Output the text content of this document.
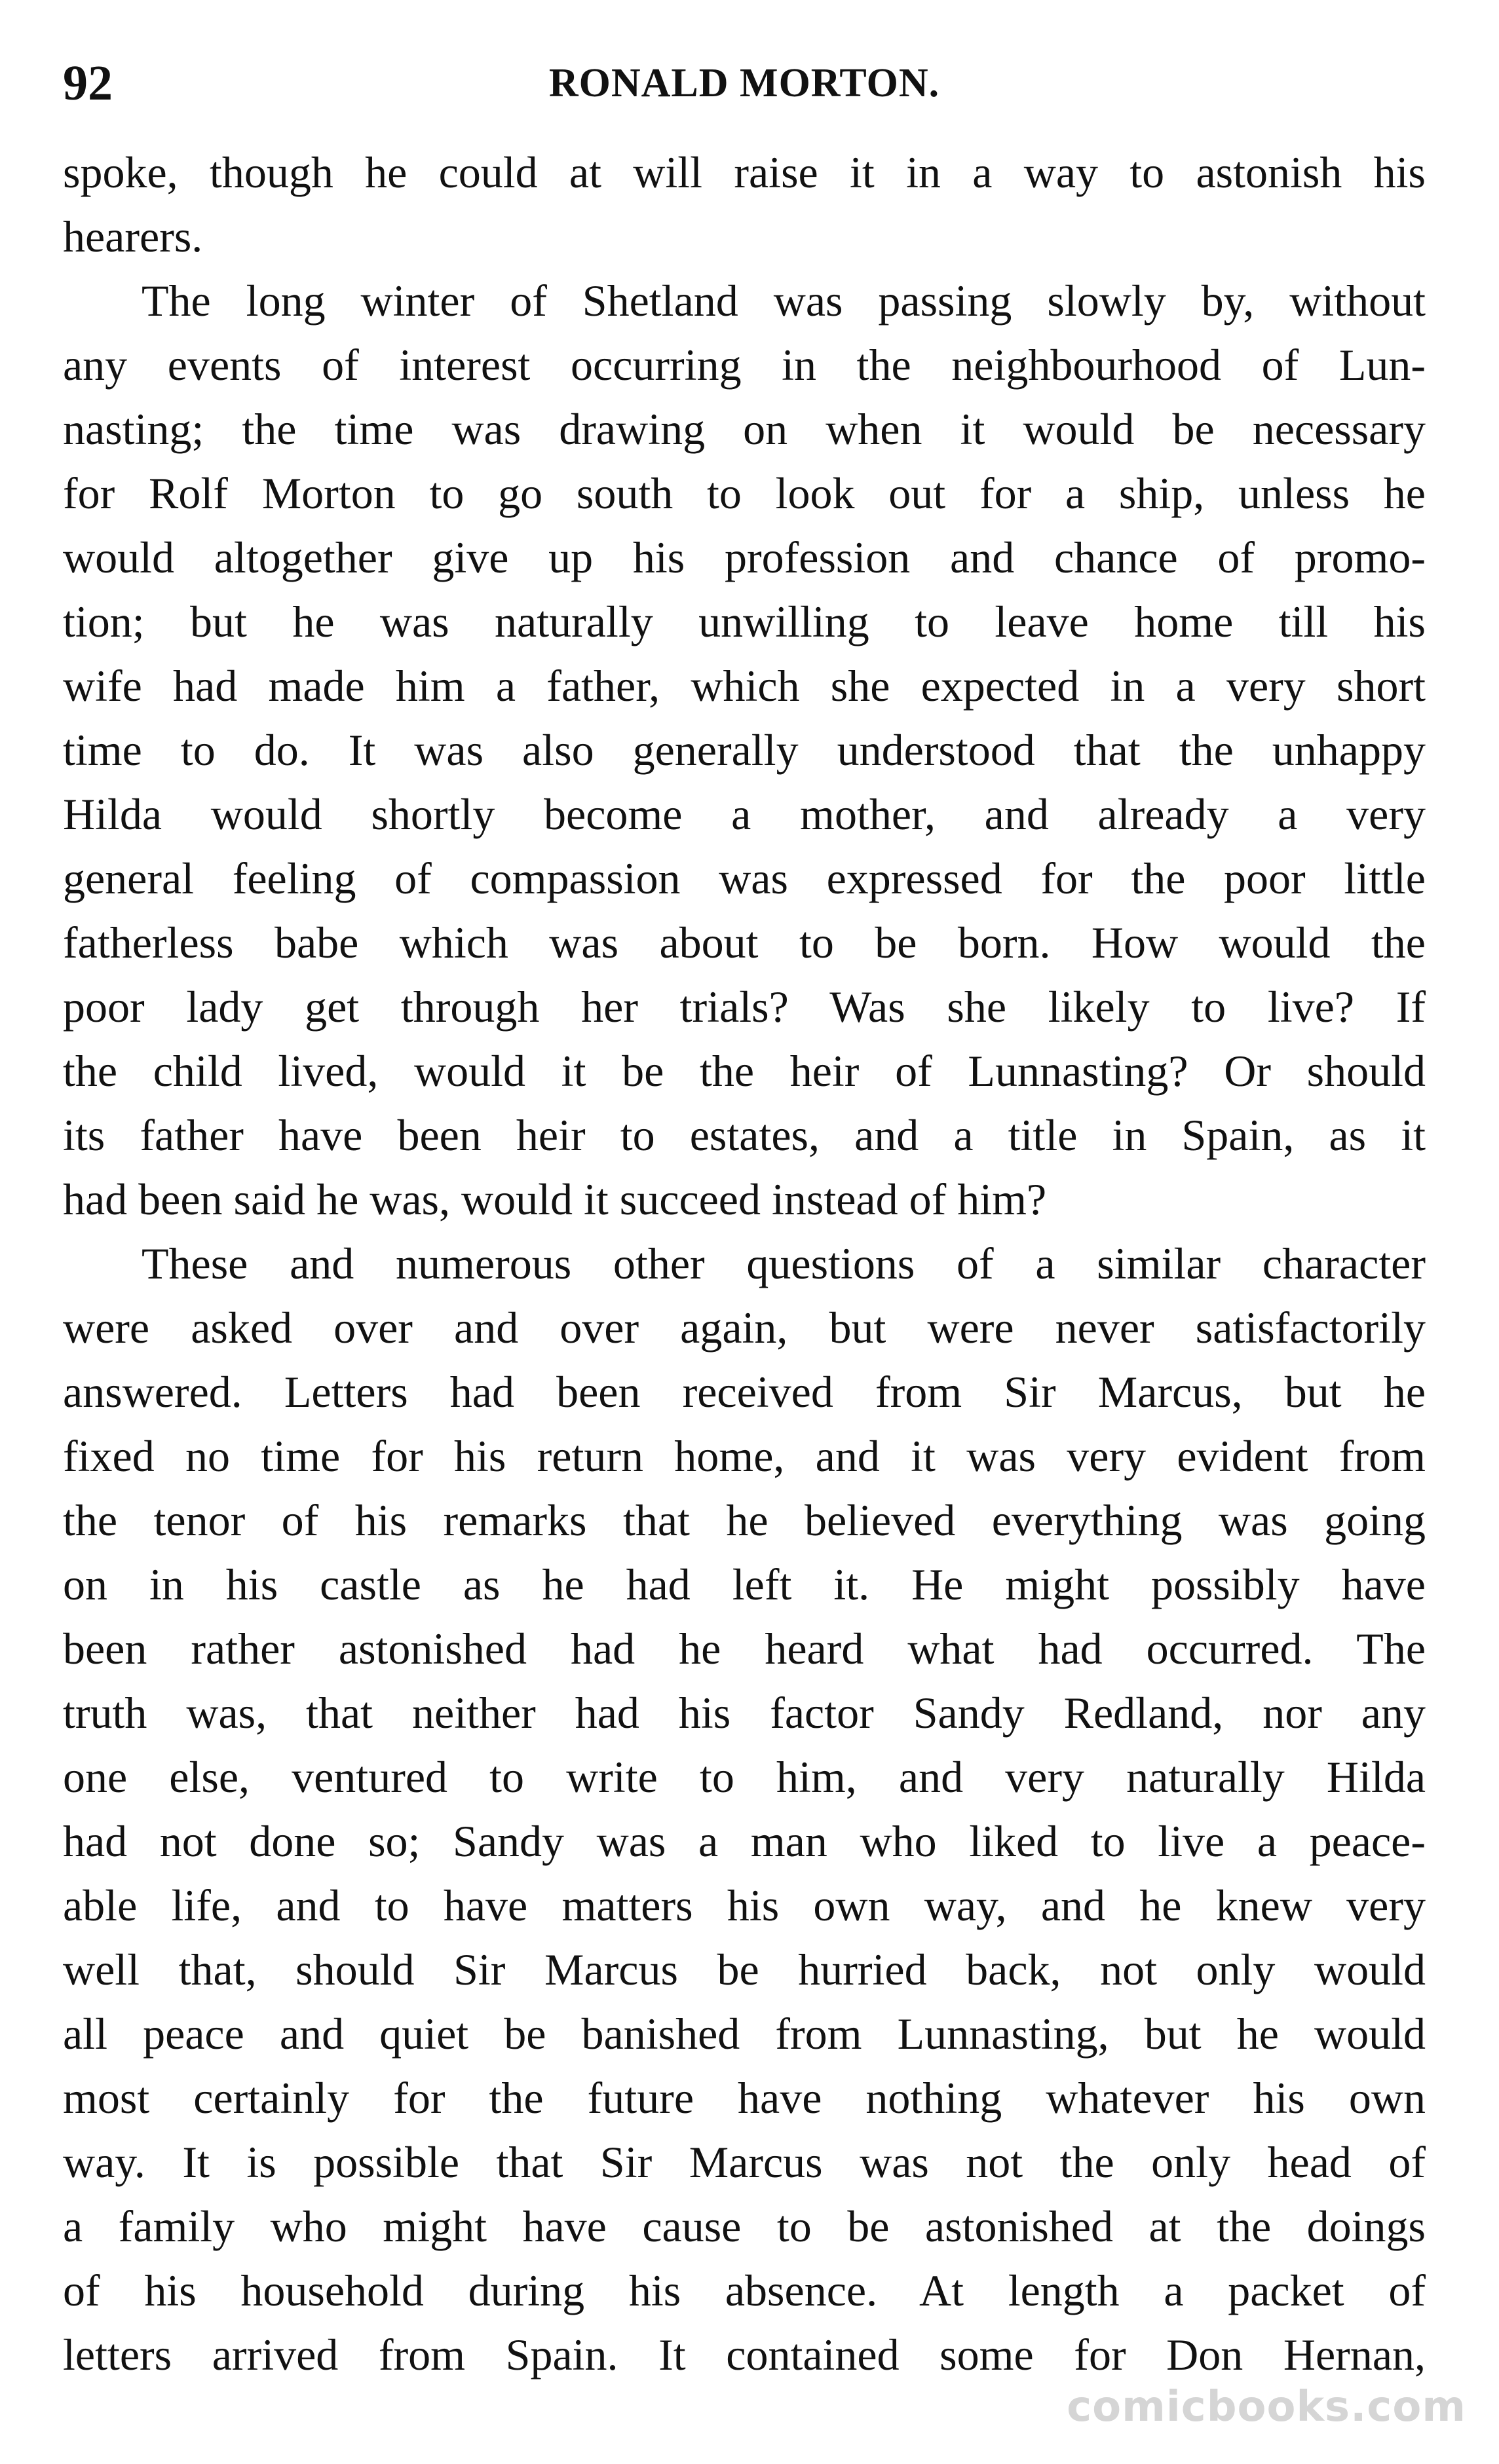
92	RONALD MORTON.
spoke, though he could at will raise it in a way to astonish his
hearers.
The long winter of Shetland was passing slowly by, without
any events of interest occurring in the neighbourhood of Lun-
nasting; the time was drawing on when it would be necessary
for Rolf Morton to go south to look out for a ship, unless he
would altogether give up his profession and chance of promo-
tion; but he was naturally unwilling to leave home till his
wife had made him a father, which she expected in a very short
time to do. It was also generally understood that the unhappy
Hilda would shortly become a mother, and already a very
general feeling of compassion was expressed for the poor little
fatherless babe which was about to be born. How would the
poor lady get through her trials? Was she likely to live? If
the child lived, would it be the heir of Lunnasting? Or should
its father have been heir to estates, and a title in Spain, as it
had been said he was, would it succeed instead of him?
These and numerous other questions of a similar character
were asked over and over again, but were never satisfactorily
answered. Letters had been received from Sir Marcus, but he
fixed no time for his return home, and it was very evident from
the tenor of his remarks that he believed everything was going
on in his castle as he had left it. He might possibly have
been rather astonished had he heard what had occurred. The
truth was, that neither had his factor Sandy Redland, nor any
one else, ventured to write to him, and very naturally Hilda
had not done so; Sandy was a man who liked to live a peace-
able life, and to have matters his own way, and he knew very
well that, should Sir Marcus be hurried back, not only would
all peace and quiet be banished from Lunnasting, but he would
most certainly for the future have nothing whatever his own
way. It is possible that Sir Marcus was not the only head of
a family who might have cause to be astonished at the doings
of his household during his absence. At length a packet of
letters arrived from Spain. It contained some for Don Hernan,
comicbooks.com
